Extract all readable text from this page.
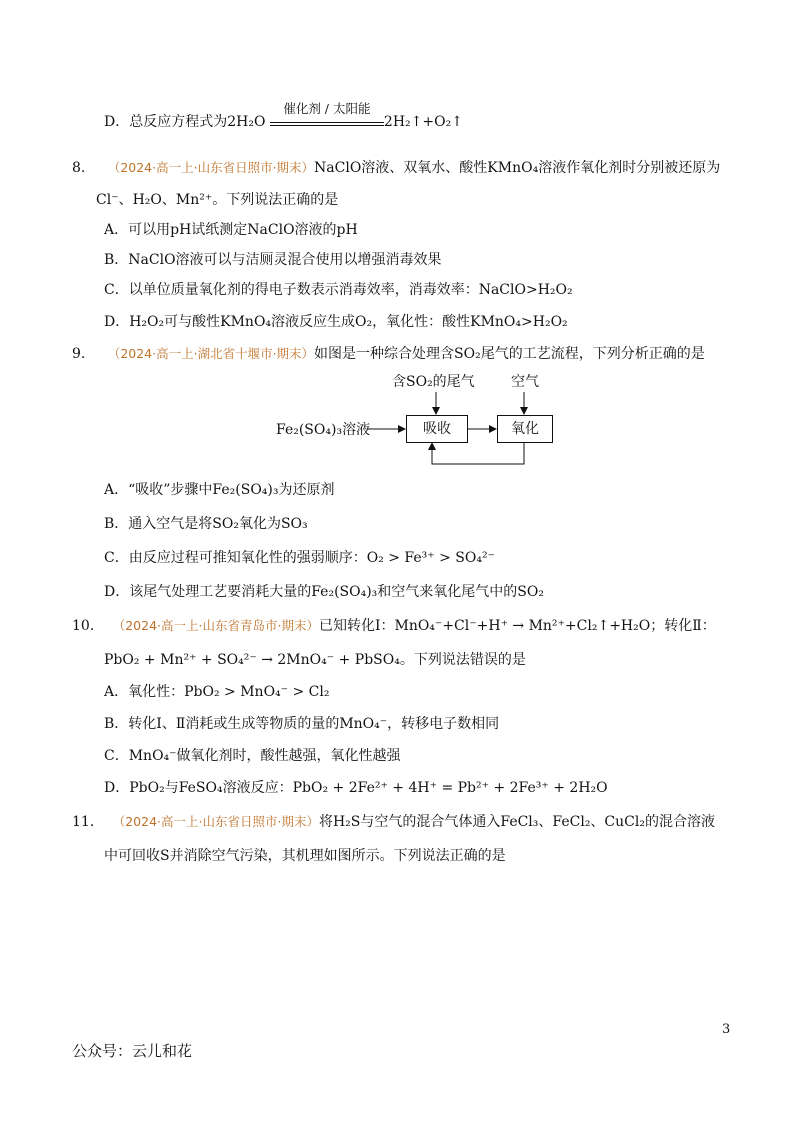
D．总反应方程式为2H₂O
催化剂 / 太阳能
2H₂↑+O₂↑
8. （2024·高一上·山东省日照市·期末）NaClO溶液、双氧水、酸性KMnO₄溶液作氧化剂时分别被还原为
Cl⁻、H₂O、Mn²⁺。下列说法正确的是
A．可以用pH试纸测定NaClO溶液的pH
B．NaClO溶液可以与洁厕灵混合使用以增强消毒效果
C．以单位质量氧化剂的得电子数表示消毒效率，消毒效率：NaClO>H₂O₂
D．H₂O₂可与酸性KMnO₄溶液反应生成O₂，氧化性：酸性KMnO₄>H₂O₂
9. （2024·高一上·湖北省十堰市·期末）如图是一种综合处理含SO₂尾气的工艺流程，下列分析正确的是
含SO₂的尾气	空气
Fe₂(SO₄)₃溶液	吸收	氧化
A．“吸收”步骤中Fe₂(SO₄)₃为还原剂
B．通入空气是将SO₂氧化为SO₃
C．由反应过程可推知氧化性的强弱顺序：O₂ > Fe³⁺ > SO₄²⁻
D．该尾气处理工艺要消耗大量的Fe₂(SO₄)₃和空气来氧化尾气中的SO₂
10. （2024·高一上·山东省青岛市·期末）已知转化Ⅰ：MnO₄⁻+Cl⁻+H⁺ → Mn²⁺+Cl₂↑+H₂O；转化Ⅱ：
PbO₂ + Mn²⁺ + SO₄²⁻ → 2MnO₄⁻ + PbSO₄。下列说法错误的是
A．氧化性：PbO₂ > MnO₄⁻ > Cl₂
B．转化Ⅰ、Ⅱ消耗或生成等物质的量的MnO₄⁻，转移电子数相同
C．MnO₄⁻做氧化剂时，酸性越强，氧化性越强
D．PbO₂与FeSO₄溶液反应：PbO₂ + 2Fe²⁺ + 4H⁺ = Pb²⁺ + 2Fe³⁺ + 2H₂O
11. （2024·高一上·山东省日照市·期末）将H₂S与空气的混合气体通入FeCl₃、FeCl₂、CuCl₂的混合溶液
中可回收S并消除空气污染，其机理如图所示。下列说法正确的是
3
公众号：云儿和花
